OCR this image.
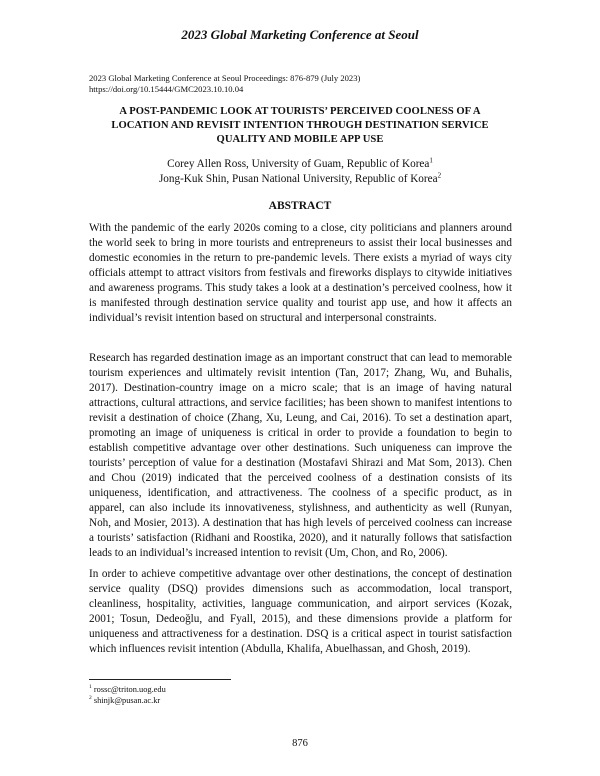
2023 Global Marketing Conference at Seoul
2023 Global Marketing Conference at Seoul Proceedings: 876-879 (July 2023)
https://doi.org/10.15444/GMC2023.10.10.04
A POST-PANDEMIC LOOK AT TOURISTS’ PERCEIVED COOLNESS OF A
LOCATION AND REVISIT INTENTION THROUGH DESTINATION SERVICE
QUALITY AND MOBILE APP USE
Corey Allen Ross, University of Guam, Republic of Korea$^1$
Jong-Kuk Shin, Pusan National University, Republic of Korea$^2$
ABSTRACT
With the pandemic of the early 2020s coming to a close, city politicians and planners around the world seek to bring in more tourists and entrepreneurs to assist their local businesses and domestic economies in the return to pre-pandemic levels. There exists a myriad of ways city officials attempt to attract visitors from festivals and fireworks displays to citywide initiatives and awareness programs. This study takes a look at a destination’s perceived coolness, how it is manifested through destination service quality and tourist app use, and how it affects an individual’s revisit intention based on structural and interpersonal constraints.
Research has regarded destination image as an important construct that can lead to memorable tourism experiences and ultimately revisit intention (Tan, 2017; Zhang, Wu, and Buhalis, 2017). Destination-country image on a micro scale; that is an image of having natural attractions, cultural attractions, and service facilities; has been shown to manifest intentions to revisit a destination of choice (Zhang, Xu, Leung, and Cai, 2016). To set a destination apart, promoting an image of uniqueness is critical in order to provide a foundation to begin to establish competitive advantage over other destinations. Such uniqueness can improve the tourists’ perception of value for a destination (Mostafavi Shirazi and Mat Som, 2013). Chen and Chou (2019) indicated that the perceived coolness of a destination consists of its uniqueness, identification, and attractiveness. The coolness of a specific product, as in apparel, can also include its innovativeness, stylishness, and authenticity as well (Runyan, Noh, and Mosier, 2013). A destination that has high levels of perceived coolness can increase a tourists’ satisfaction (Ridhani and Roostika, 2020), and it naturally follows that satisfaction leads to an individual’s increased intention to revisit (Um, Chon, and Ro, 2006).
In order to achieve competitive advantage over other destinations, the concept of destination service quality (DSQ) provides dimensions such as accommodation, local transport, cleanliness, hospitality, activities, language communication, and airport services (Kozak, 2001; Tosun, Dedeoğlu, and Fyall, 2015), and these dimensions provide a platform for uniqueness and attractiveness for a destination. DSQ is a critical aspect in tourist satisfaction which influences revisit intention (Abdulla, Khalifa, Abuelhassan, and Ghosh, 2019).
$^1$ rossc@triton.uog.edu
$^2$ shinjk@pusan.ac.kr
876
